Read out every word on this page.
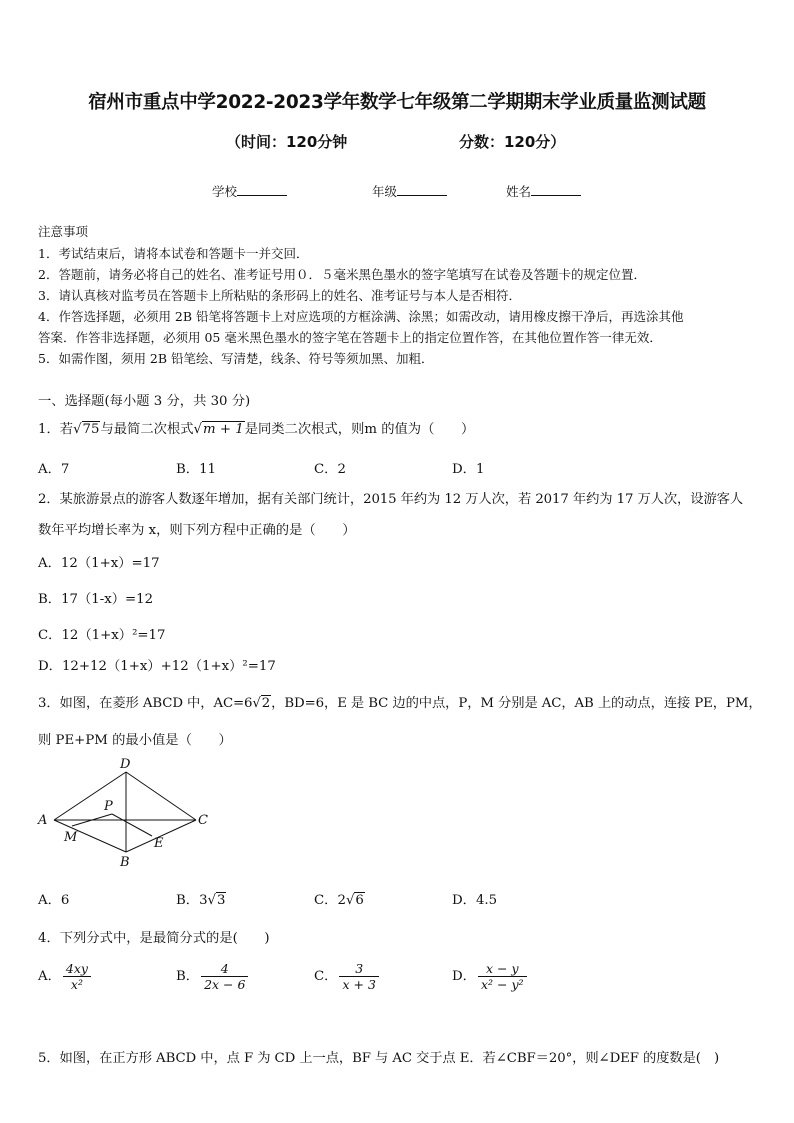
宿州市重点中学2022-2023学年数学七年级第二学期期末学业质量监测试题
（时间：120分钟	分数：120分）
学校	年级	姓名
注意事项
1．考试结束后，请将本试卷和答题卡一并交回．
2．答题前，请务必将自己的姓名、准考证号用０．５毫米黑色墨水的签字笔填写在试卷及答题卡的规定位置．
3．请认真核对监考员在答题卡上所粘贴的条形码上的姓名、准考证号与本人是否相符．
4．作答选择题，必须用 2B 铅笔将答题卡上对应选项的方框涂满、涂黑；如需改动，请用橡皮擦干净后，再选涂其他
答案．作答非选择题，必须用 05 毫米黑色墨水的签字笔在答题卡上的指定位置作答，在其他位置作答一律无效．
5．如需作图，须用 2B 铅笔绘、写清楚，线条、符号等须加黑、加粗．
一、选择题(每小题 3 分，共 30 分)
1．若√75与最简二次根式√m + 1是同类二次根式，则m 的值为（　　）
A．7	B．11	C．2	D．1
2．某旅游景点的游客人数逐年增加，据有关部门统计，2015 年约为 12 万人次，若 2017 年约为 17 万人次，设游客人
数年平均增长率为 x，则下列方程中正确的是（　　）
A．12（1+x）=17
B．17（1-x）=12
C．12（1+x）²=17
D．12+12（1+x）+12（1+x）²=17
3．如图，在菱形 ABCD 中，AC=6√2，BD=6，E 是 BC 边的中点，P，M 分别是 AC，AB 上的动点，连接 PE，PM，
则 PE+PM 的最小值是（　　）
A
D
C
B
P
M	E
A．6	B．3√3	C．2√6	D．4.5
4．下列分式中，是最简分式的是(　　)
A． $\frac{4xy}{\text{x²}}$	B． $\frac{4}{2x - 6}$	C． $\frac{3}{x + 3}$	D． $\frac{x - y}{\text{x² − y²}}$
5．如图，在正方形 ABCD 中，点 F 为 CD 上一点，BF 与 AC 交于点 E．若∠CBF＝20°，则∠DEF 的度数是(　)
